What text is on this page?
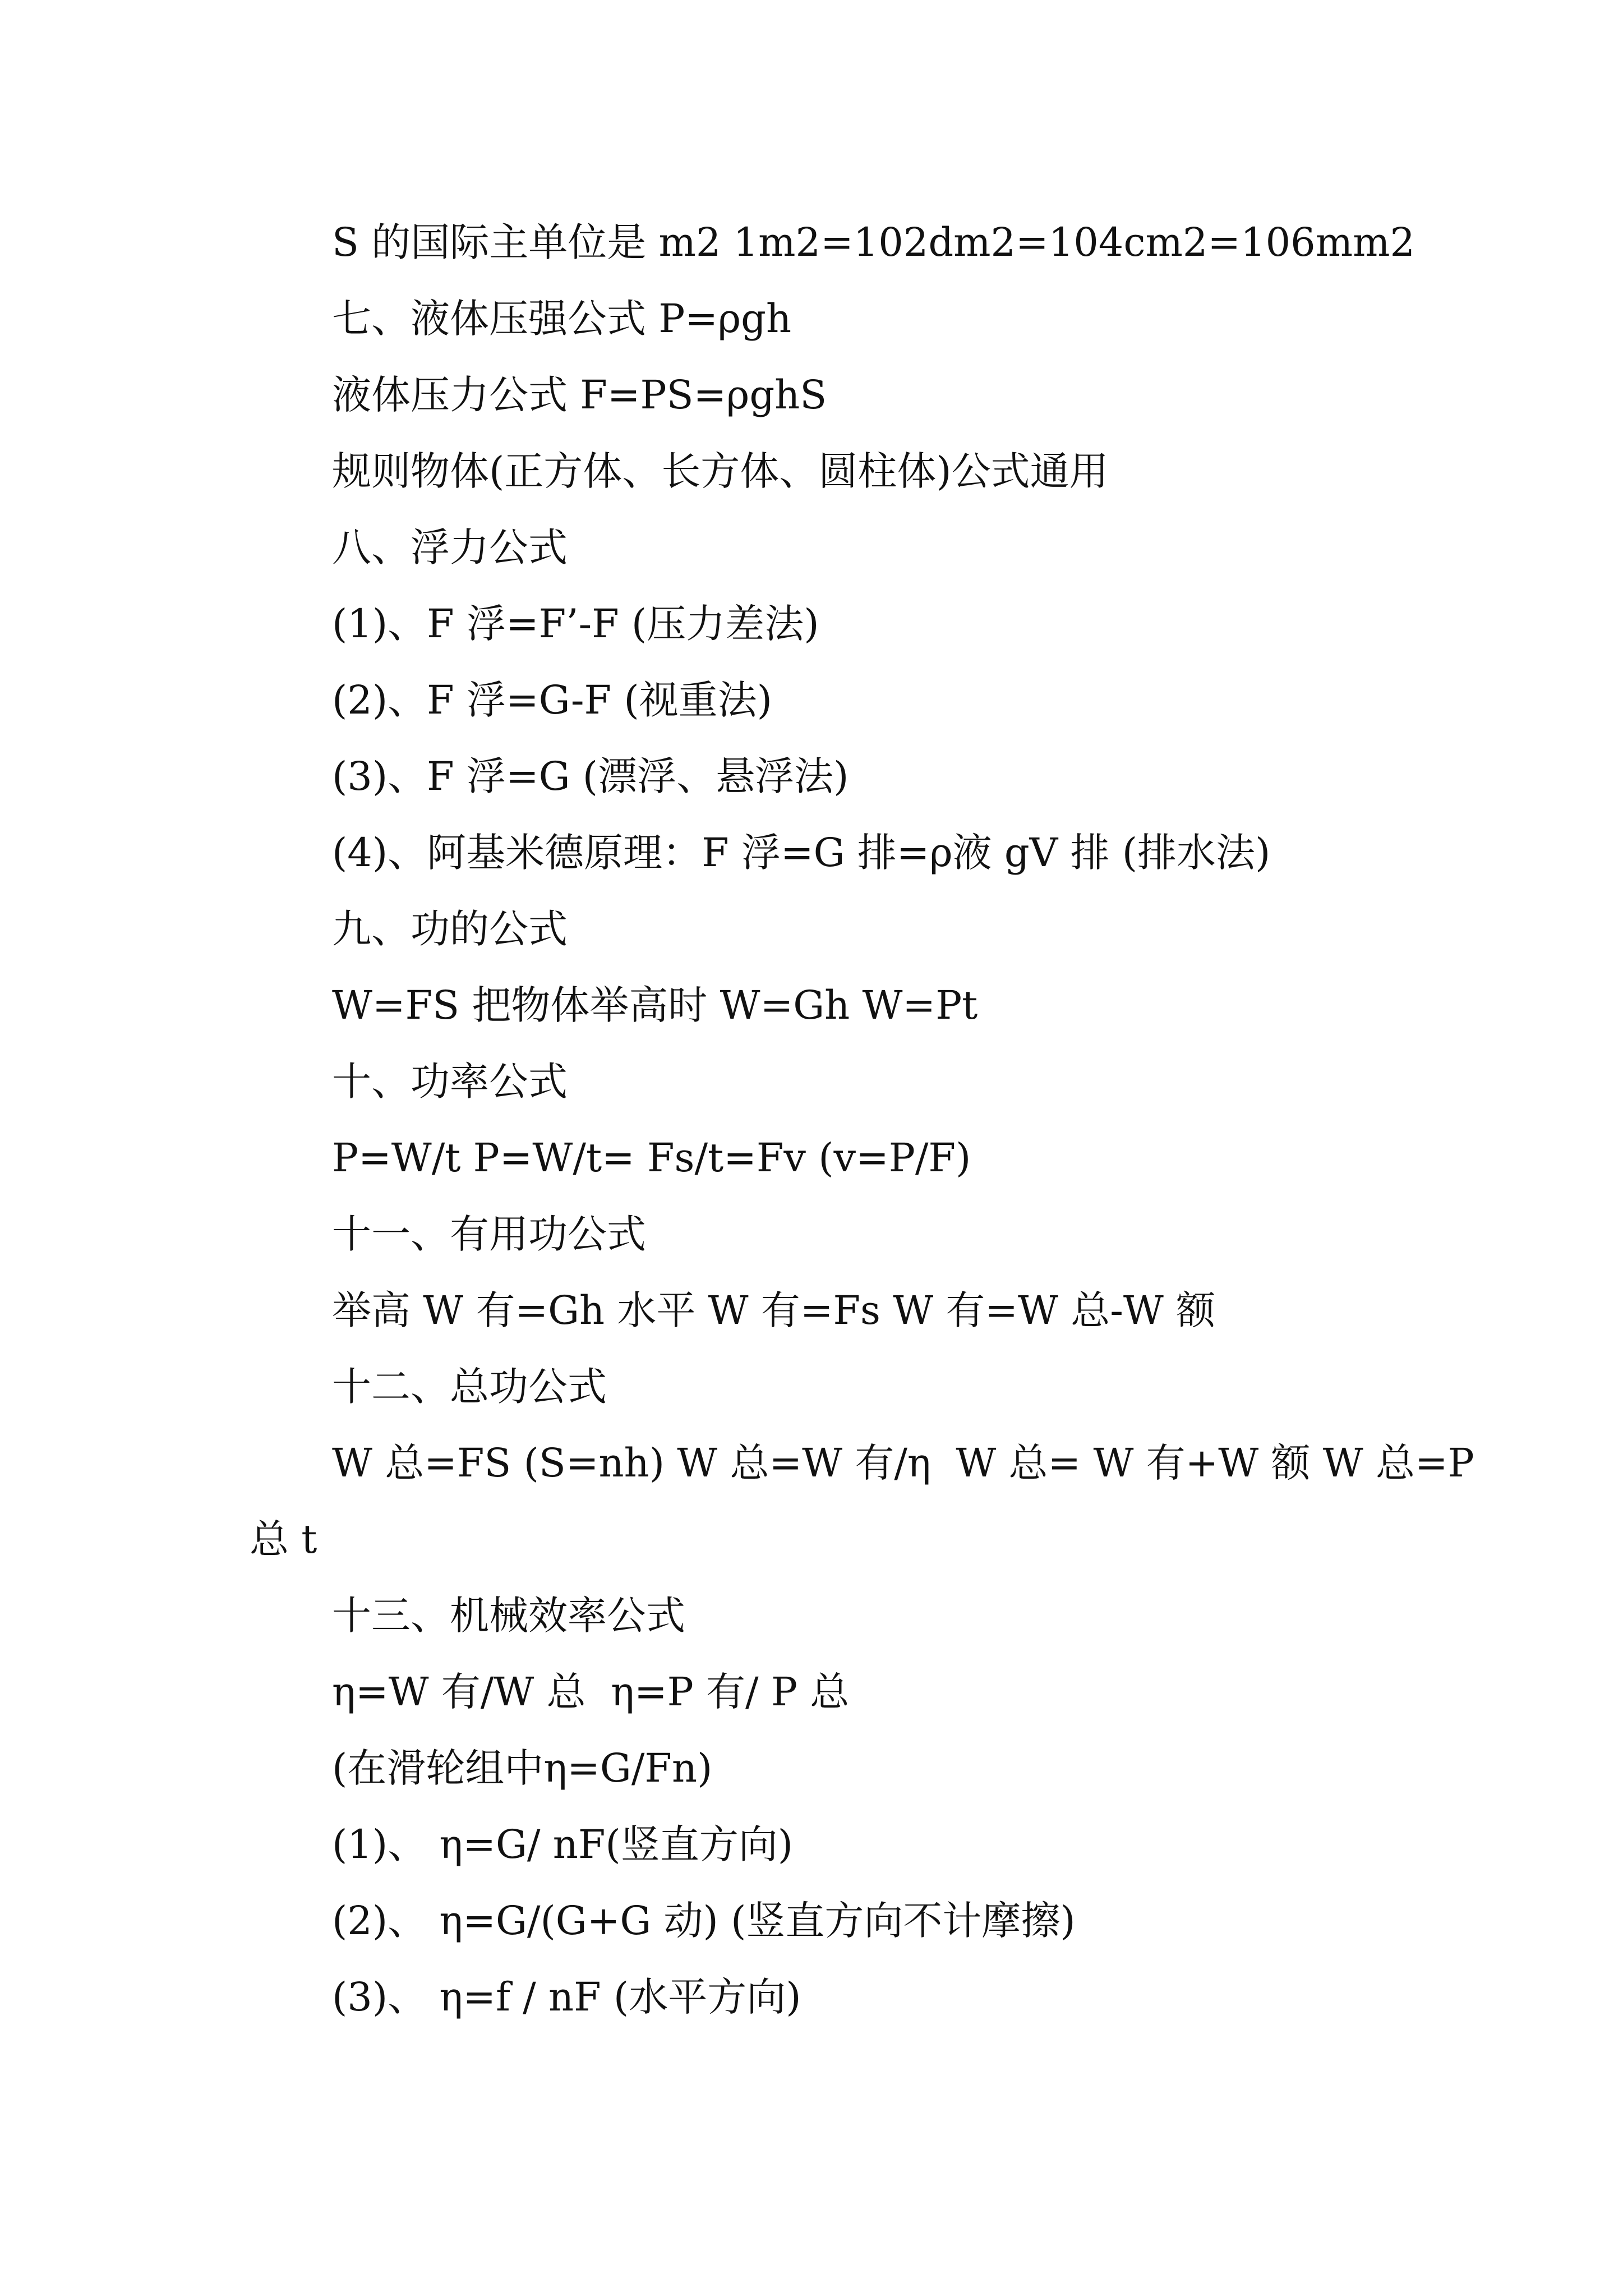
S 的国际主单位是 m2 1m2=102dm2=104cm2=106mm2

七、液体压强公式 P=ρgh

液体压力公式 F=PS=ρghS

规则物体(正方体、长方体、圆柱体)公式通用

八、浮力公式

(1)、F 浮=F’-F (压力差法)

(2)、F 浮=G-F (视重法)

(3)、F 浮=G (漂浮、悬浮法)

(4)、阿基米德原理：F 浮=G 排=ρ液 gV 排 (排水法)

九、功的公式

W=FS 把物体举高时 W=Gh W=Pt

十、功率公式

P=W/t P=W/t= Fs/t=Fv (v=P/F)

十一、有用功公式

举高 W 有=Gh 水平 W 有=Fs W 有=W 总-W 额

十二、总功公式

W 总=FS (S=nh) W 总=W 有/η  W 总= W 有+W 额 W 总=P

总 t

十三、机械效率公式

η=W 有/W 总  η=P 有/ P 总

(在滑轮组中η=G/Fn)

(1)、 η=G/ nF(竖直方向)

(2)、 η=G/(G+G 动) (竖直方向不计摩擦)

(3)、 η=f / nF (水平方向)
